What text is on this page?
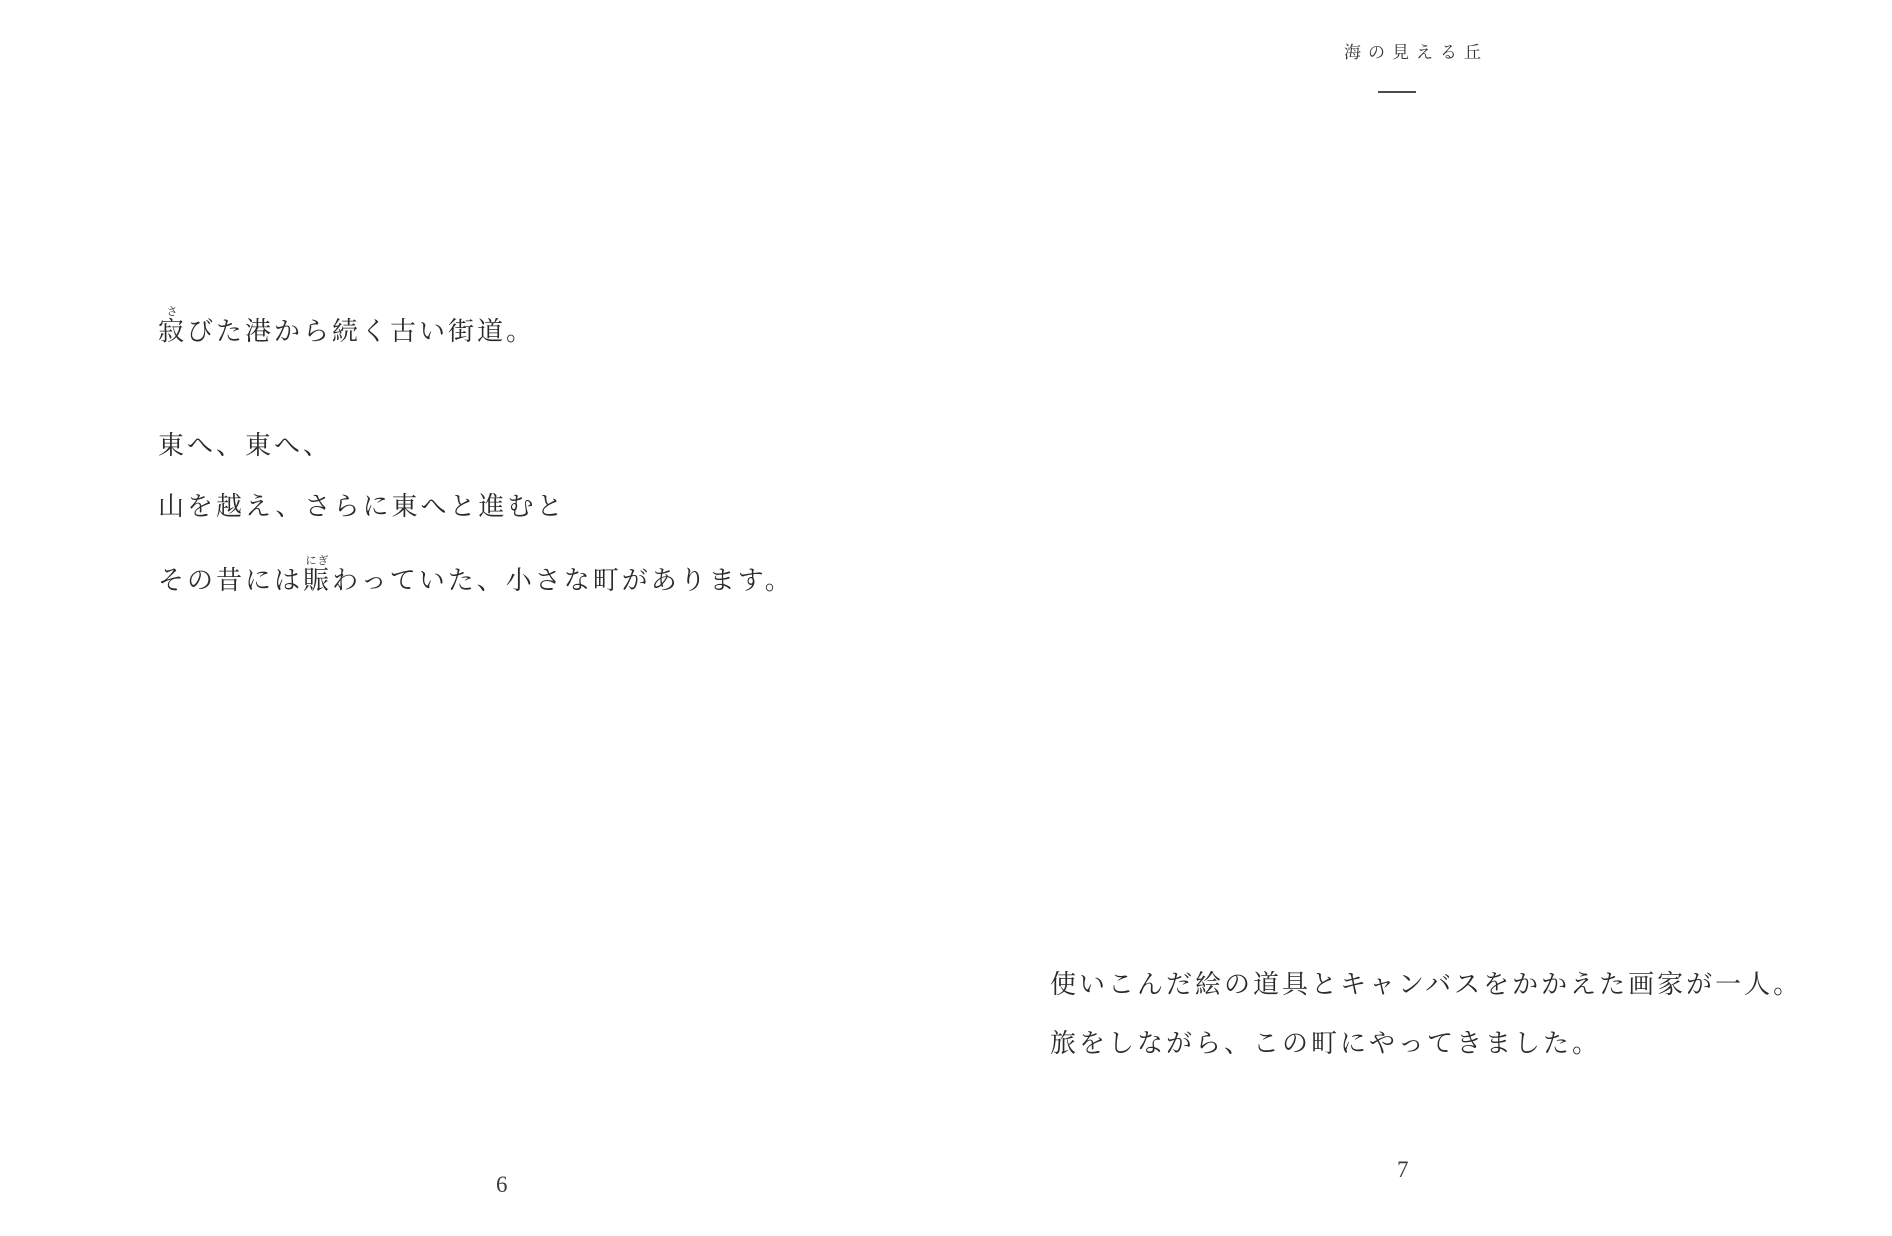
海の見える丘

寂さびた港から続く古い街道。

東へ、東へ、

山を越え、さらに東へと進むと

その昔には賑にぎわっていた、小さな町があります。

6

使いこんだ絵の道具とキャンバスをかかえた画家が一人。

旅をしながら、この町にやってきました。

7
